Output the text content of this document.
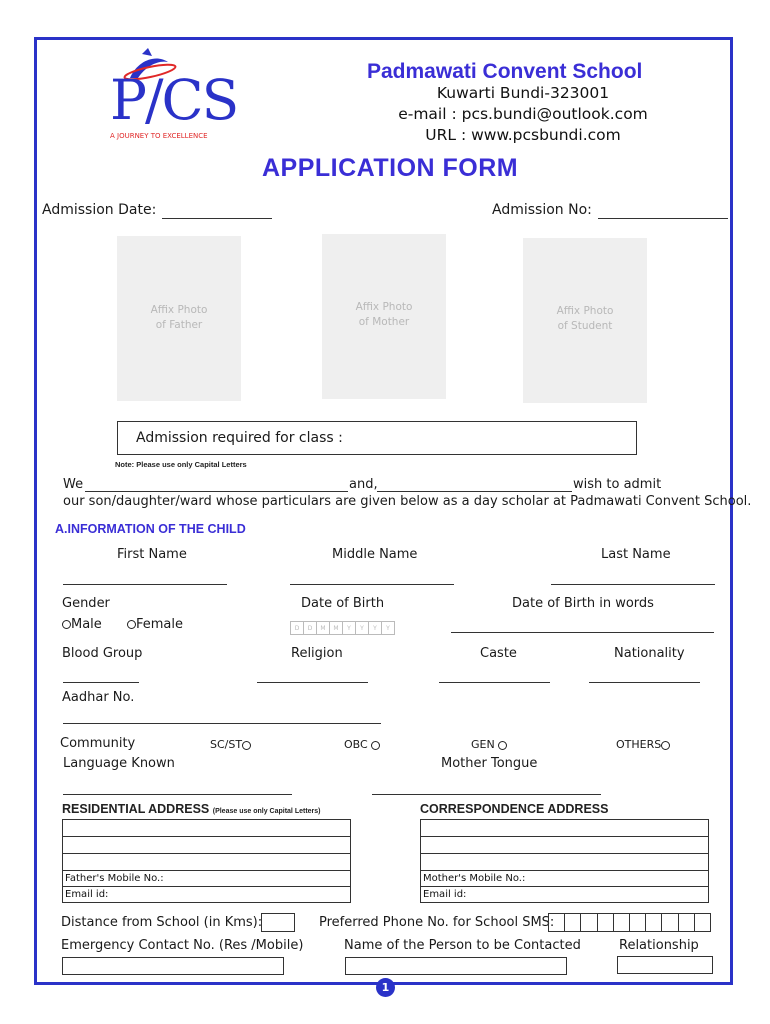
P/CS
A JOURNEY TO EXCELLENCE
Padmawati Convent School
Kuwarti Bundi-323001
e-mail : pcs.bundi@outlook.com
URL : www.pcsbundi.com
APPLICATION FORM
Admission Date:	Admission No:
Affix Photo
of Father
Affix Photo
of Mother
Affix Photo
of Student
Admission required for class :
Note: Please use only Capital Letters
We	and,	wish to admit
our son/daughter/ward whose particulars are given below as a day scholar at Padmawati Convent School.
A.INFORMATION OF THE CHILD
First Name	Middle Name	Last Name
Gender
Male	Female
Date of Birth
D D M M Y Y Y Y
Date of Birth in words
Blood Group	Religion	Caste	Nationality
Aadhar No.
Community	SC/ST	OBC	GEN	OTHERS
Language Known	Mother Tongue
RESIDENTIAL ADDRESS (Please use only Capital Letters)	CORRESPONDENCE ADDRESS
Father's Mobile No.:
Email id:
Mother's Mobile No.:
Email id:
Distance from School (in Kms):	Preferred Phone No. for School SMS:
Emergency Contact No. (Res /Mobile)	Name of the Person to be Contacted	Relationship
1
